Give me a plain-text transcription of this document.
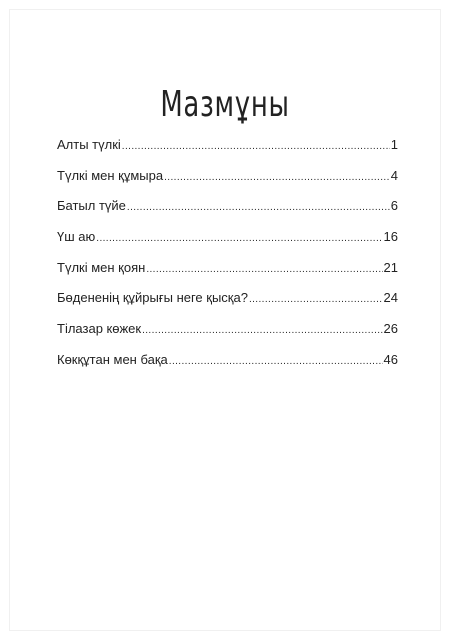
Мазмұны
Алты түлкі .....	1
Түлкі мен құмыра .....	4
Батыл түйе .....	6
Үш аю .....	16
Түлкі мен қоян .....	21
Бөдененің құйрығы неге қысқа? .....	24
Тілазар көжек .....	26
Көкқұтан мен бақа .....	46
